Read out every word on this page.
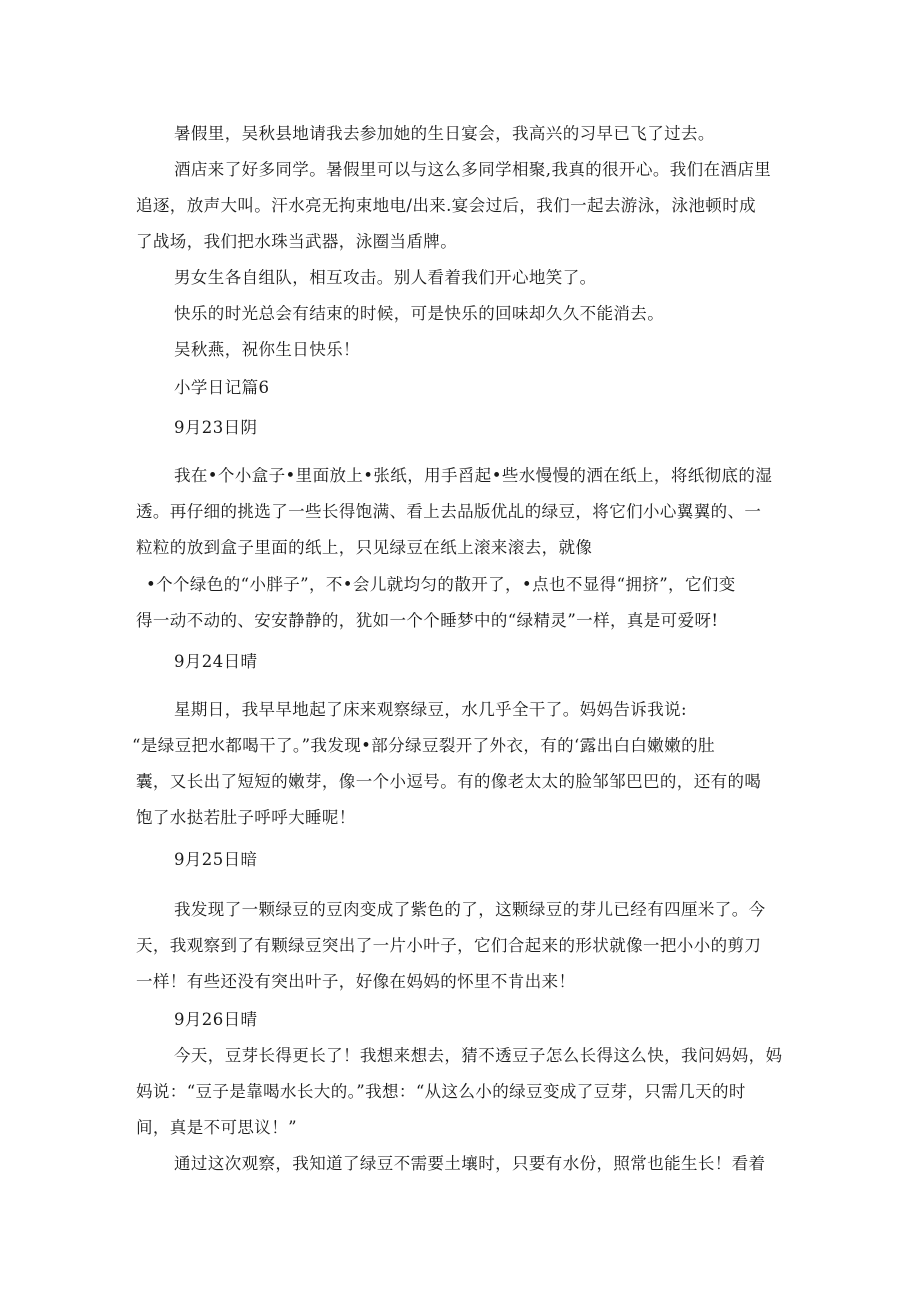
暑假里，吴秋县地请我去参加她的生日宴会，我高兴的习早已飞了过去。
酒店来了好多同学。暑假里可以与这么多同学相聚,我真的很开心。我们在酒店里
追逐，放声大叫。汗水亮无拘束地电/出来.宴会过后，我们一起去游泳，泳池顿时成
了战场，我们把水珠当武器，泳圈当盾牌。
男女生各自组队，相互攻击。别人看着我们开心地笑了。
快乐的时光总会有结束的时候，可是快乐的回味却久久不能消去。
吴秋燕，祝你生日快乐！
小学日记篇6
9月23日阴
我在•个小盒子•里面放上•张纸，用手舀起•些水慢慢的洒在纸上，将纸彻底的湿
透。再仔细的挑选了一些长得饱满、看上去品版优乩的绿豆，将它们小心翼翼的、一
粒粒的放到盒子里面的纸上，只见绿豆在纸上滚来滚去，就像
•个个绿色的“小胖子”，不•会儿就均匀的散开了，•点也不显得“拥挤”，它们变
得一动不动的、安安静静的，犹如一个个睡梦中的“绿精灵”一样，真是可爱呀!
9月24日晴
星期日，我早早地起了床来观察绿豆，水几乎全干了。妈妈告诉我说:
“是绿豆把水都喝干了。”我发现•部分绿豆裂开了外衣，有的‘露出白白嫩嫩的肚
囊，又长出了短短的嫩芽，像一个小逗号。有的像老太太的脸邹邹巴巴的，还有的喝
饱了水挞若肚子呼呼大睡呢！
9月25日暗
我发现了一颗绿豆的豆肉变成了紫色的了，这颗绿豆的芽儿已经有四厘米了。今
天，我观察到了有颗绿豆突出了一片小叶子，它们合起来的形状就像一把小小的剪刀
一样！有些还没有突出叶子，好像在妈妈的怀里不肯出来！
9月26日晴
今天，豆芽长得更长了！我想来想去，猜不透豆子怎么长得这么快，我问妈妈，妈
妈说：“豆子是靠喝水长大的。”我想：“从这么小的绿豆变成了豆芽，只需几天的时
间，真是不可思议！”
通过这次观察，我知道了绿豆不需要土壤时，只要有水份，照常也能生长！看着
